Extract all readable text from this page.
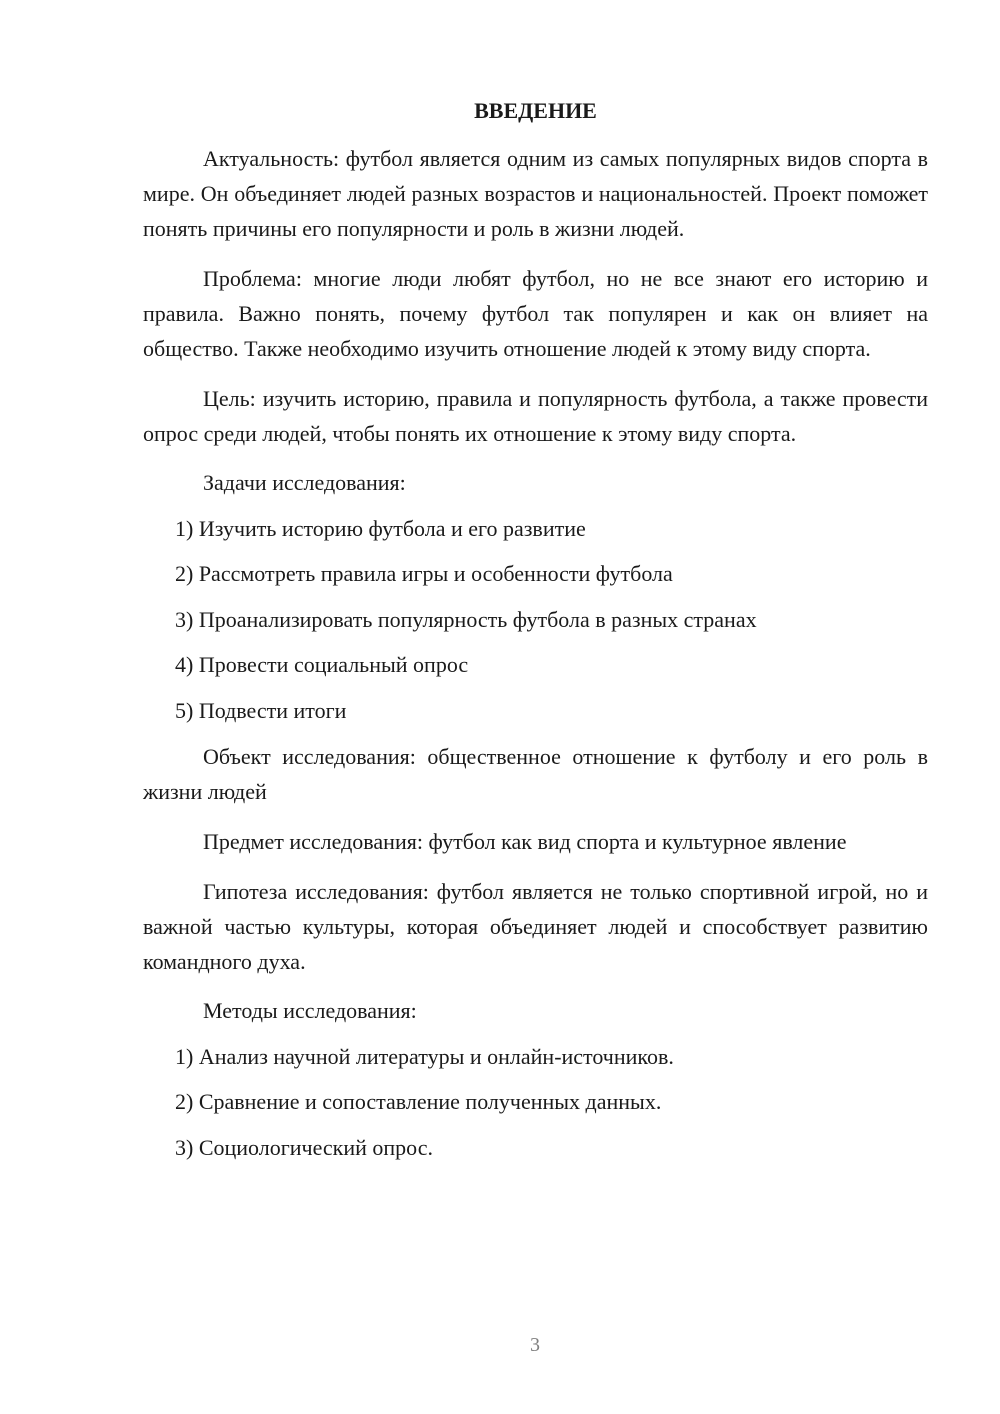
ВВЕДЕНИЕ

Актуальность: футбол является одним из самых популярных видов спорта в мире. Он объединяет людей разных возрастов и национальностей. Проект поможет понять причины его популярности и роль в жизни людей.

Проблема: многие люди любят футбол, но не все знают его историю и правила. Важно понять, почему футбол так популярен и как он влияет на общество. Также необходимо изучить отношение людей к этому виду спорта.

Цель: изучить историю, правила и популярность футбола, а также провести опрос среди людей, чтобы понять их отношение к этому виду спорта.

Задачи исследования:
1) Изучить историю футбола и его развитие
2) Рассмотреть правила игры и особенности футбола
3) Проанализировать популярность футбола в разных странах
4) Провести социальный опрос
5) Подвести итоги

Объект исследования: общественное отношение к футболу и его роль в жизни людей

Предмет исследования: футбол как вид спорта и культурное явление

Гипотеза исследования: футбол является не только спортивной игрой, но и важной частью культуры, которая объединяет людей и способствует развитию командного духа.

Методы исследования:
1) Анализ научной литературы и онлайн-источников.
2) Сравнение и сопоставление полученных данных.
3) Социологический опрос.
3
